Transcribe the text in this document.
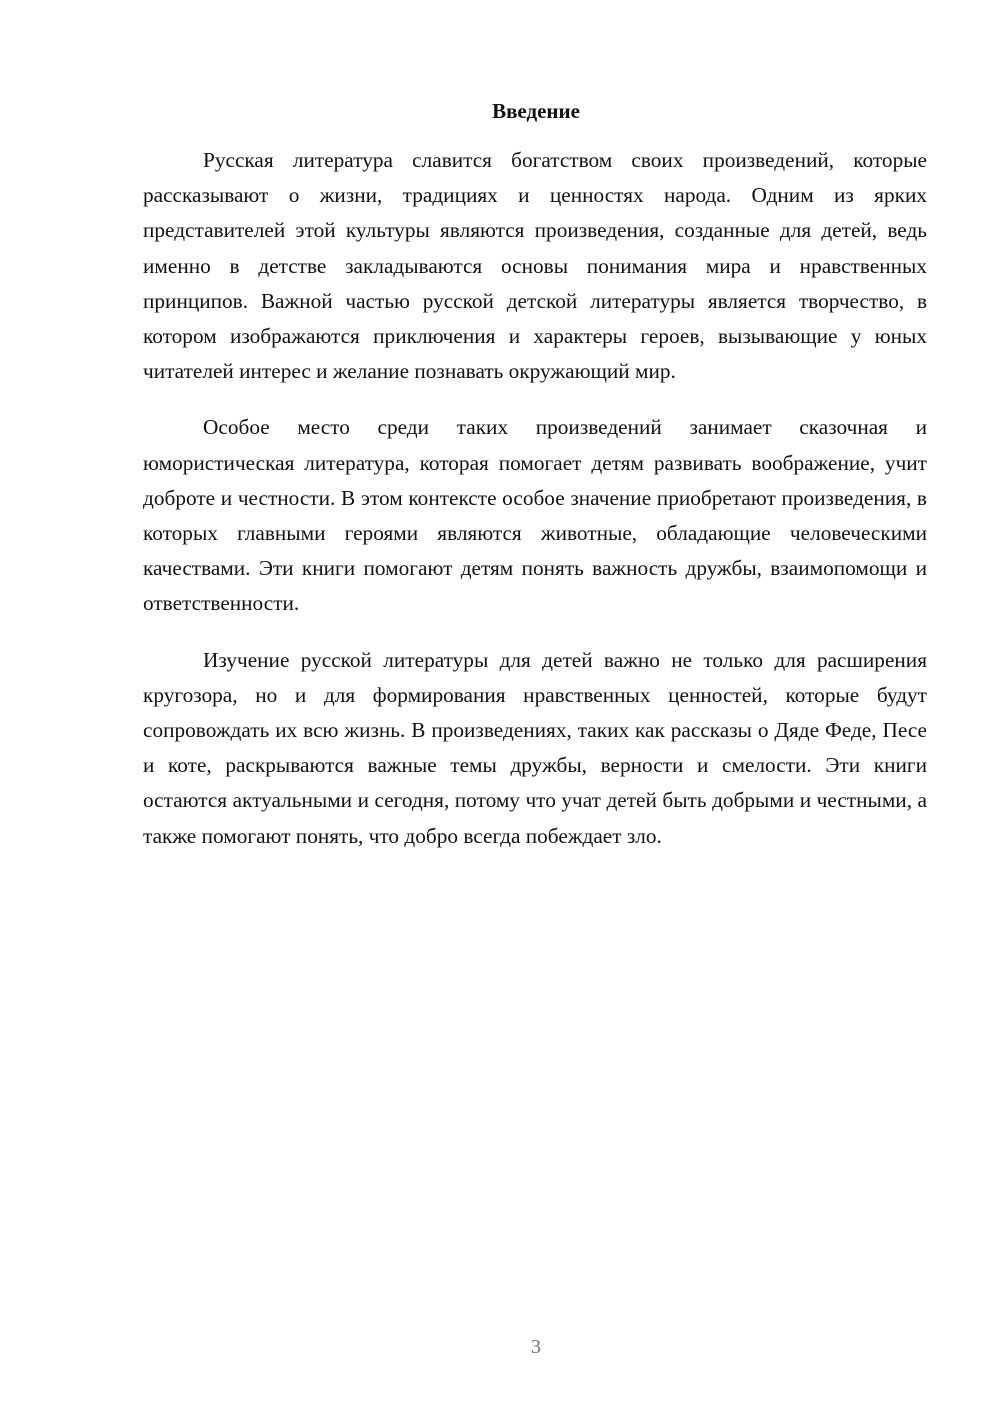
Введение

Русская литература славится богатством своих произведений, которые рассказывают о жизни, традициях и ценностях народа. Одним из ярких представителей этой культуры являются произведения, созданные для детей, ведь именно в детстве закладываются основы понимания мира и нравственных принципов. Важной частью русской детской литературы является творчество, в котором изображаются приключения и характеры героев, вызывающие у юных читателей интерес и желание познавать окружающий мир.

Особое место среди таких произведений занимает сказочная и юмористическая литература, которая помогает детям развивать воображение, учит доброте и честности. В этом контексте особое значение приобретают произведения, в которых главными героями являются животные, обладающие человеческими качествами. Эти книги помогают детям понять важность дружбы, взаимопомощи и ответственности.

Изучение русской литературы для детей важно не только для расширения кругозора, но и для формирования нравственных ценностей, которые будут сопровождать их всю жизнь. В произведениях, таких как рассказы о Дяде Феде, Песе и коте, раскрываются важные темы дружбы, верности и смелости. Эти книги остаются актуальными и сегодня, потому что учат детей быть добрыми и честными, а также помогают понять, что добро всегда побеждает зло.

3
